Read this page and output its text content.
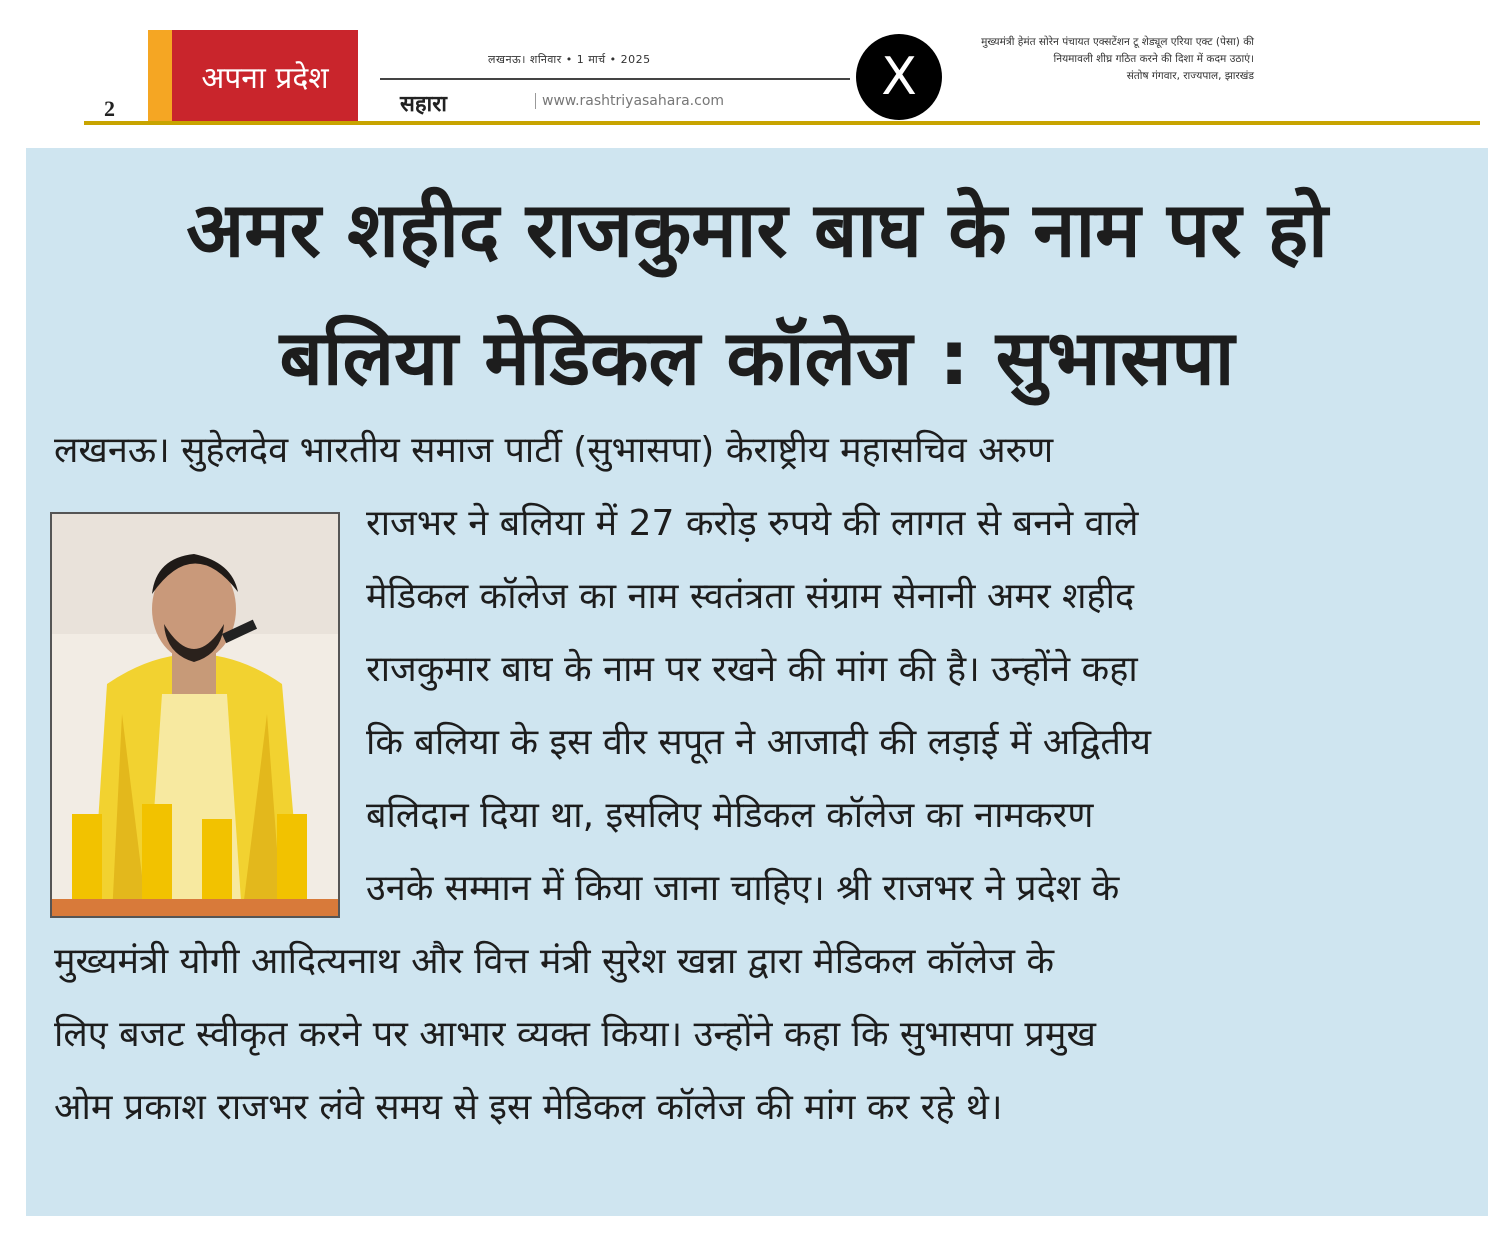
2
अपना प्रदेश
लखनऊ। शनिवार • 1 मार्च • 2025
सहारा	www.rashtriyasahara.com	X
मुख्यमंत्री हेमंत सोरेन पंचायत एक्सटेंशन टू शेड्यूल एरिया एक्ट (पेसा) की नियमावली शीघ्र गठित करने की दिशा में कदम उठाएं।
संतोष गंगवार, राज्यपाल, झारखंड
अमर शहीद राजकुमार बाघ के नाम पर हो
बलिया मेडिकल कॉलेज : सुभासपा

लखनऊ। सुहेलदेव भारतीय समाज पार्टी (सुभासपा) केराष्ट्रीय महासचिव अरुण

राजभर ने बलिया में 27 करोड़ रुपये की लागत से बनने वाले
मेडिकल कॉलेज का नाम स्वतंत्रता संग्राम सेनानी अमर शहीद
राजकुमार बाघ के नाम पर रखने की मांग की है। उन्होंने कहा
कि बलिया के इस वीर सपूत ने आजादी की लड़ाई में अद्वितीय
बलिदान दिया था, इसलिए मेडिकल कॉलेज का नामकरण
उनके सम्मान में किया जाना चाहिए। श्री राजभर ने प्रदेश के

मुख्यमंत्री योगी आदित्यनाथ और वित्त मंत्री सुरेश खन्ना द्वारा मेडिकल कॉलेज के
लिए बजट स्वीकृत करने पर आभार व्यक्त किया। उन्होंने कहा कि सुभासपा प्रमुख
ओम प्रकाश राजभर लंवे समय से इस मेडिकल कॉलेज की मांग कर रहे थे।
